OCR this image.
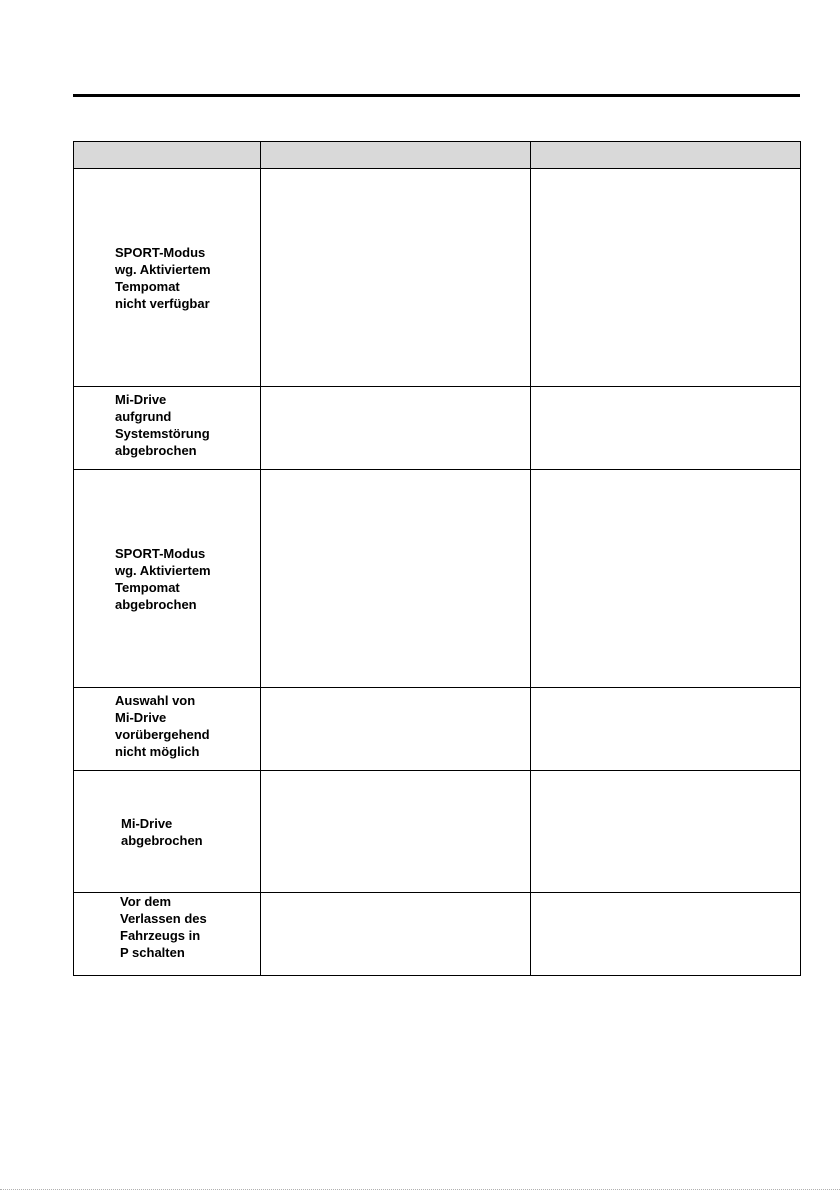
SPORT-Modus
wg. Aktiviertem
Tempomat
nicht verfügbar		

Mi-Drive
aufgrund
Systemstörung
abgebrochen		

SPORT-Modus
wg. Aktiviertem
Tempomat
abgebrochen		

Auswahl von
Mi-Drive
vorübergehend
nicht möglich		

Mi-Drive
abgebrochen		

Vor dem
Verlassen des
Fahrzeugs in
P schalten		
